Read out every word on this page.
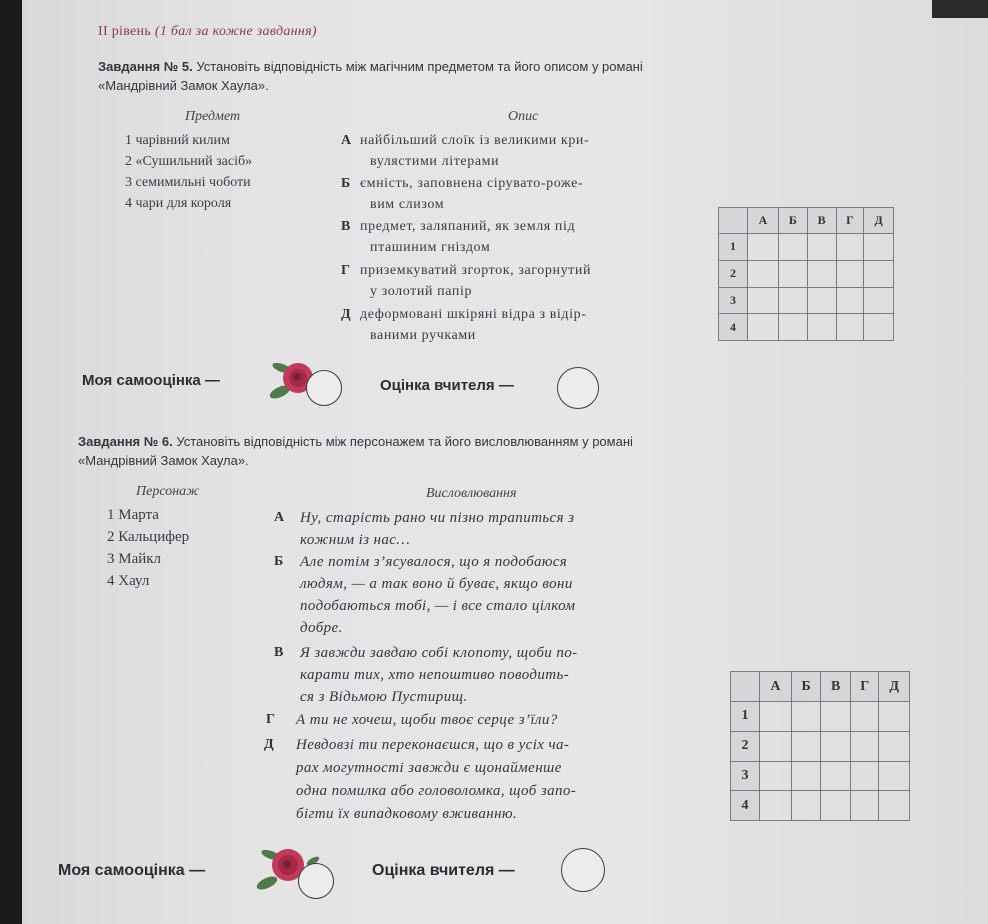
ІІ рівень (1 бал за кожне завдання)
Завдання № 5. Установіть відповідність між магічним предметом та його описом у романі
«Мандрівний Замок Хаула».
Предмет	Опис
1 чарівний килим
2 «Сушильний засіб»
3 семимильні чоботи
4 чари для короля
А найбільший слоїк із великими кри-
вулястими літерами
Б ємність, заповнена сірувато-роже-
вим слизом
В предмет, заляпаний, як земля під
пташиним гніздом
Г приземкуватий згорток, загорнутий
у золотий папір
Д деформовані шкіряні відра з відір-
ваними ручками
	А	Б	В	Г	Д
1					
2					
3					
4					
Моя самооцінка —	Оцінка вчителя —
Завдання № 6. Установіть відповідність між персонажем та його висловлюванням у романі
«Мандрівний Замок Хаула».
Персонаж	Висловлювання
1 Марта
2 Кальцифер
3 Майкл
4 Хаул
А Ну, старість рано чи пізно трапиться з
кожним із нас…
Б Але потім з’ясувалося, що я подобаюся
людям, — а так воно й буває, якщо вони
подобаються тобі, — і все стало цілком
добре.
В Я завжди завдаю собі клопоту, щоби по-
карати тих, хто непоштиво поводить-
ся з Відьмою Пустирищ.
Г А ти не хочеш, щоби твоє серце з’їли?
Д Невдовзі ти переконаєшся, що в усіх ча-
рах могутності завжди є щонайменше
одна помилка або головоломка, щоб запо-
бігти їх випадковому вживанню.
	А	Б	В	Г	Д
1					
2					
3					
4					
Моя самооцінка —	Оцінка вчителя —
